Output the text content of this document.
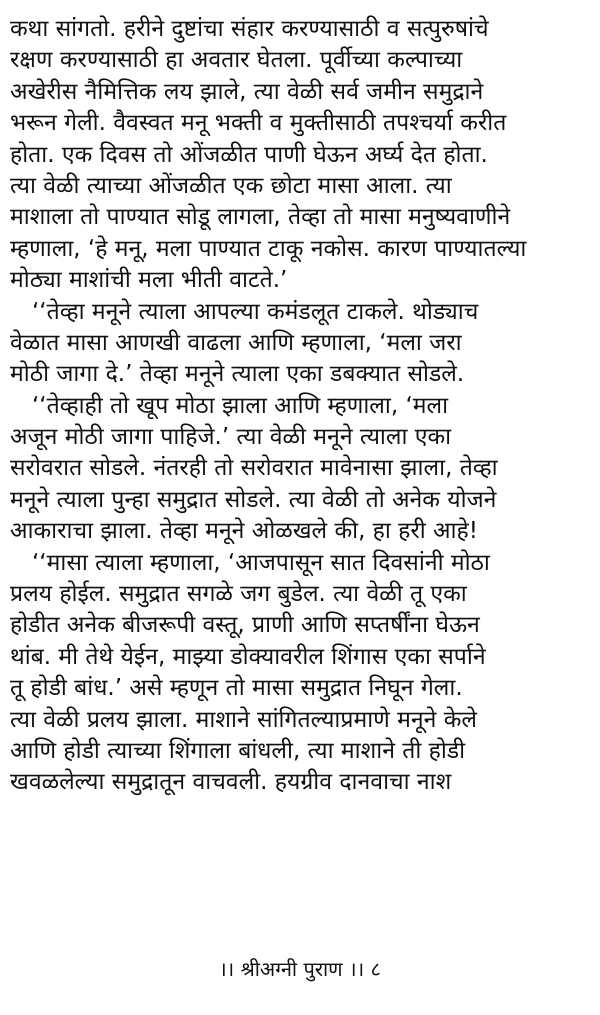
कथा सांगतो. हरीने दुष्टांचा संहार करण्यासाठी व सत्पुरुषांचे
रक्षण करण्यासाठी हा अवतार घेतला. पूर्वीच्या कल्पाच्या
अखेरीस नैमित्तिक लय झाले, त्या वेळी सर्व जमीन समुद्राने
भरून गेली. वैवस्वत मनू भक्ती व मुक्तीसाठी तपश्चर्या करीत
होता. एक दिवस तो ओंजळीत पाणी घेऊन अर्घ्य देत होता.
त्या वेळी त्याच्या ओंजळीत एक छोटा मासा आला. त्या
माशाला तो पाण्यात सोडू लागला, तेव्हा तो मासा मनुष्यवाणीने
म्हणाला, ‘हे मनू, मला पाण्यात टाकू नकोस. कारण पाण्यातल्या
मोठ्या माशांची मला भीती वाटते.’
‘‘तेव्हा मनूने त्याला आपल्या कमंडलूत टाकले. थोड्याच
वेळात मासा आणखी वाढला आणि म्हणाला, ‘मला जरा
मोठी जागा दे.’ तेव्हा मनूने त्याला एका डबक्यात सोडले.
‘‘तेव्हाही तो खूप मोठा झाला आणि म्हणाला, ‘मला
अजून मोठी जागा पाहिजे.’ त्या वेळी मनूने त्याला एका
सरोवरात सोडले. नंतरही तो सरोवरात मावेनासा झाला, तेव्हा
मनूने त्याला पुन्हा समुद्रात सोडले. त्या वेळी तो अनेक योजने
आकाराचा झाला. तेव्हा मनूने ओळखले की, हा हरी आहे!
‘‘मासा त्याला म्हणाला, ‘आजपासून सात दिवसांनी मोठा
प्रलय होईल. समुद्रात सगळे जग बुडेल. त्या वेळी तू एका
होडीत अनेक बीजरूपी वस्तू, प्राणी आणि सप्तर्षींना घेऊन
थांब. मी तेथे येईन, माझ्या डोक्यावरील शिंगास एका सर्पाने
तू होडी बांध.’ असे म्हणून तो मासा समुद्रात निघून गेला.
त्या वेळी प्रलय झाला. माशाने सांगितल्याप्रमाणे मनूने केले
आणि होडी त्याच्या शिंगाला बांधली, त्या माशाने ती होडी
खवळलेल्या समुद्रातून वाचवली. हयग्रीव दानवाचा नाश
।। श्रीअग्नी पुराण ।। ८
